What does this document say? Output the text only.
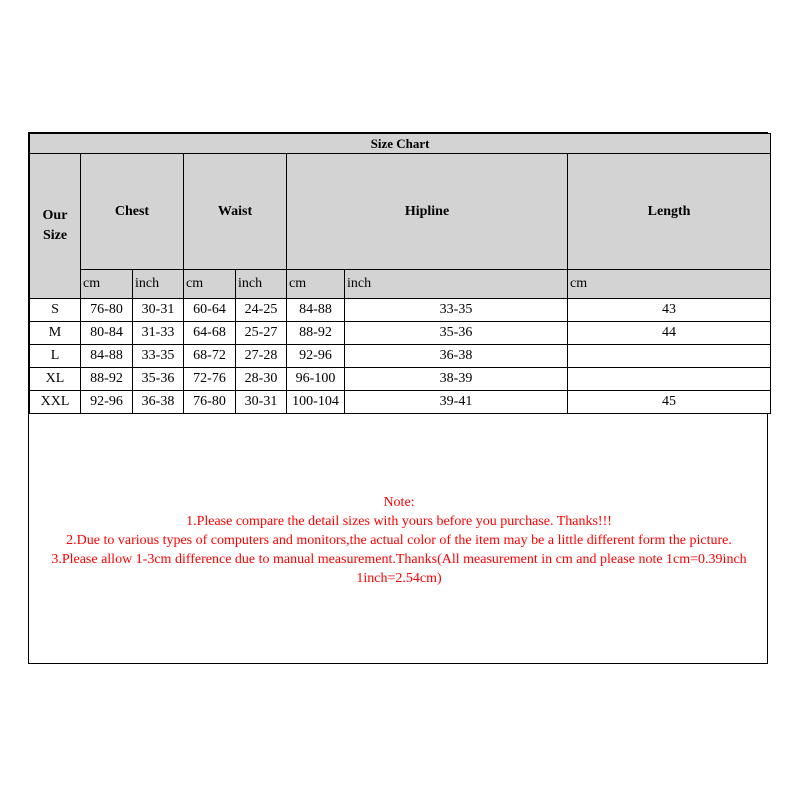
Size Chart							
Our Size	Chest		Waist		Hipline		Length
	cm	inch	cm	inch	cm	inch	cm
S	76-80	30-31	60-64	24-25	84-88	33-35	43
M	80-84	31-33	64-68	25-27	88-92	35-36	44
L	84-88	33-35	68-72	27-28	92-96	36-38	
XL	88-92	35-36	72-76	28-30	96-100	38-39	
XXL	92-96	36-38	76-80	30-31	100-104	39-41	45
Note:
1.Please compare the detail sizes with yours before you purchase. Thanks!!!
2.Due to various types of computers and monitors,the actual color of the item may be a little different form the picture.
3.Please allow 1-3cm difference due to manual measurement.Thanks(All measurement in cm and please note 1cm=0.39inch
1inch=2.54cm)
